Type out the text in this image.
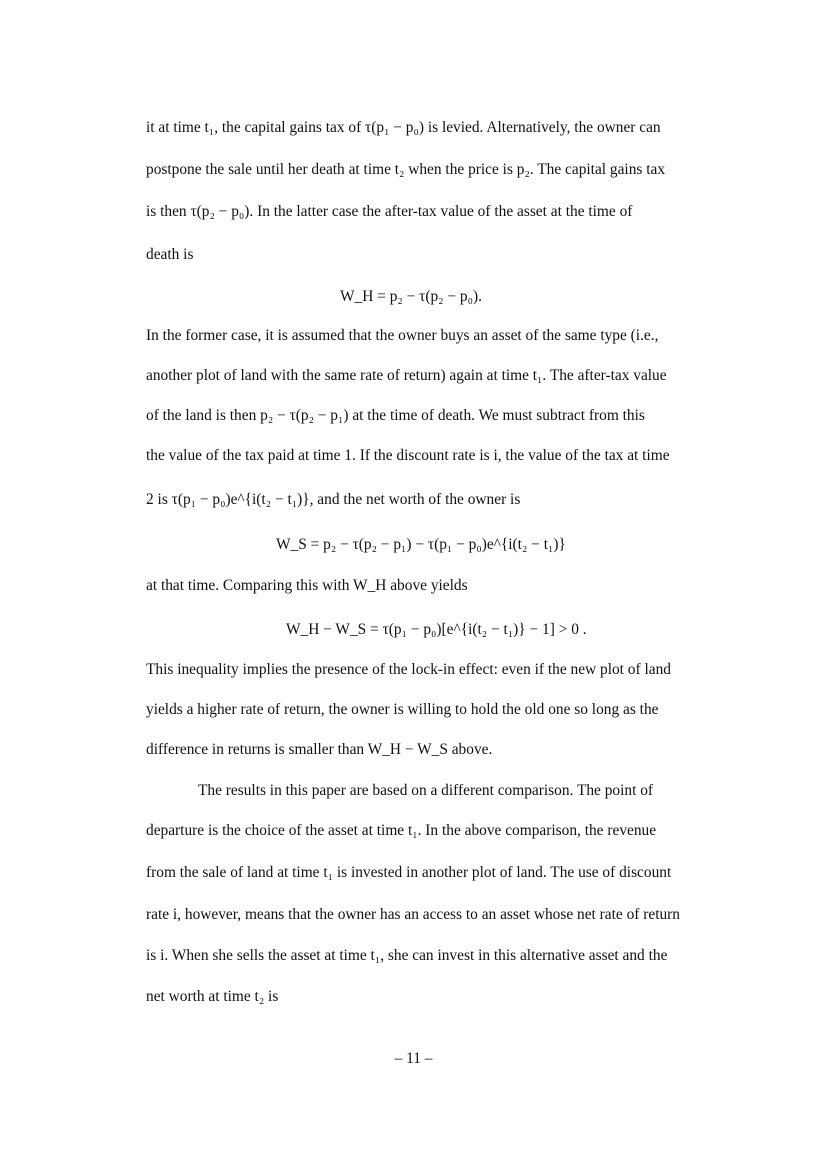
it at time t₁, the capital gains tax of τ(p₁ − p₀) is levied. Alternatively, the owner can
postpone the sale until her death at time t₂ when the price is p₂. The capital gains tax
is then τ(p₂ − p₀). In the latter case the after-tax value of the asset at the time of
death is
W_H = p₂ − τ(p₂ − p₀).
In the former case, it is assumed that the owner buys an asset of the same type (i.e.,
another plot of land with the same rate of return) again at time t₁. The after-tax value
of the land is then p₂ − τ(p₂ − p₁) at the time of death. We must subtract from this
the value of the tax paid at time 1. If the discount rate is i, the value of the tax at time
2 is τ(p₁ − p₀)e^{i(t₂ − t₁)}, and the net worth of the owner is
W_S = p₂ − τ(p₂ − p₁) − τ(p₁ − p₀)e^{i(t₂ − t₁)}
at that time. Comparing this with W_H above yields
W_H − W_S = τ(p₁ − p₀)[e^{i(t₂ − t₁)} − 1] > 0 .
This inequality implies the presence of the lock-in effect: even if the new plot of land
yields a higher rate of return, the owner is willing to hold the old one so long as the
difference in returns is smaller than W_H − W_S above.
The results in this paper are based on a different comparison. The point of
departure is the choice of the asset at time t₁. In the above comparison, the revenue
from the sale of land at time t₁ is invested in another plot of land. The use of discount
rate i, however, means that the owner has an access to an asset whose net rate of return
is i. When she sells the asset at time t₁, she can invest in this alternative asset and the
net worth at time t₂ is
– 11 –
